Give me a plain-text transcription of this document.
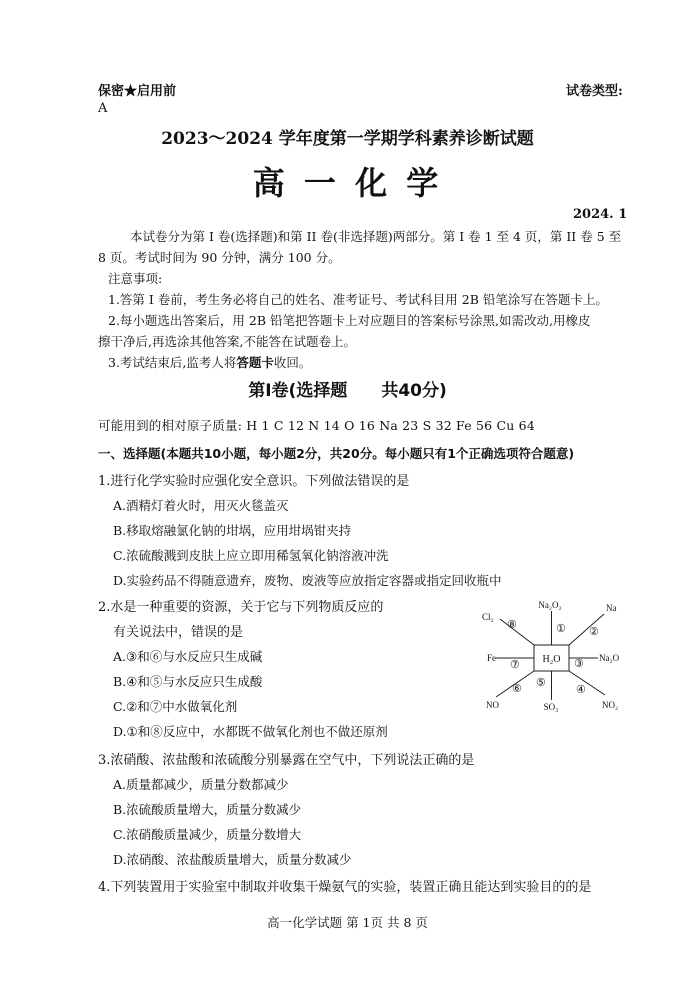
保密★启用前	试卷类型:
A
2023～2024 学年度第一学期学科素养诊断试题
高 一 化 学
2024. 1
本试卷分为第 I 卷(选择题)和第 II 卷(非选择题)两部分。第 I 卷 1 至 4 页，第 II 卷 5 至
8 页。考试时间为 90 分钟，满分 100 分。
注意事项:
1.答第 I 卷前，考生务必将自己的姓名、准考证号、考试科目用 2B 铅笔涂写在答题卡上。
2.每小题选出答案后，用 2B 铅笔把答题卡上对应题目的答案标号涂黑,如需改动,用橡皮
擦干净后,再选涂其他答案,不能答在试题卷上。
3.考试结束后,监考人将答题卡收回。
第Ⅰ卷(选择题　　共40分)
可能用到的相对原子质量: H 1 C 12 N 14 O 16 Na 23 S 32 Fe 56 Cu 64
一、选择题(本题共10小题，每小题2分，共20分。每小题只有1个正确选项符合题意)
1.进行化学实验时应强化安全意识。下列做法错误的是
A.酒精灯着火时，用灭火毯盖灭
B.移取熔融氯化钠的坩埚，应用坩埚钳夹持
C.浓硫酸溅到皮肤上应立即用稀氢氧化钠溶液冲洗
D.实验药品不得随意遗弃，废物、废液等应放指定容器或指定回收瓶中
2.水是一种重要的资源，关于它与下列物质反应的
有关说法中，错误的是
A.③和⑥与水反应只生成碱
B.④和⑤与水反应只生成酸
C.②和⑦中水做氧化剂
D.①和⑧反应中，水都既不做氧化剂也不做还原剂
H₂O
Na₂O₂	Na
Na₂O
NO₂
SO₃
NO
Fe
Cl₂
① ②
③
④
⑤
⑥
⑦
⑧
3.浓硝酸、浓盐酸和浓硫酸分别暴露在空气中，下列说法正确的是
A.质量都减少，质量分数都减少
B.浓硫酸质量增大，质量分数减少
C.浓硝酸质量减少，质量分数增大
D.浓硝酸、浓盐酸质量增大，质量分数减少
4.下列装置用于实验室中制取并收集干燥氨气的实验，装置正确且能达到实验目的的是
高一化学试题 第 1页 共 8 页
